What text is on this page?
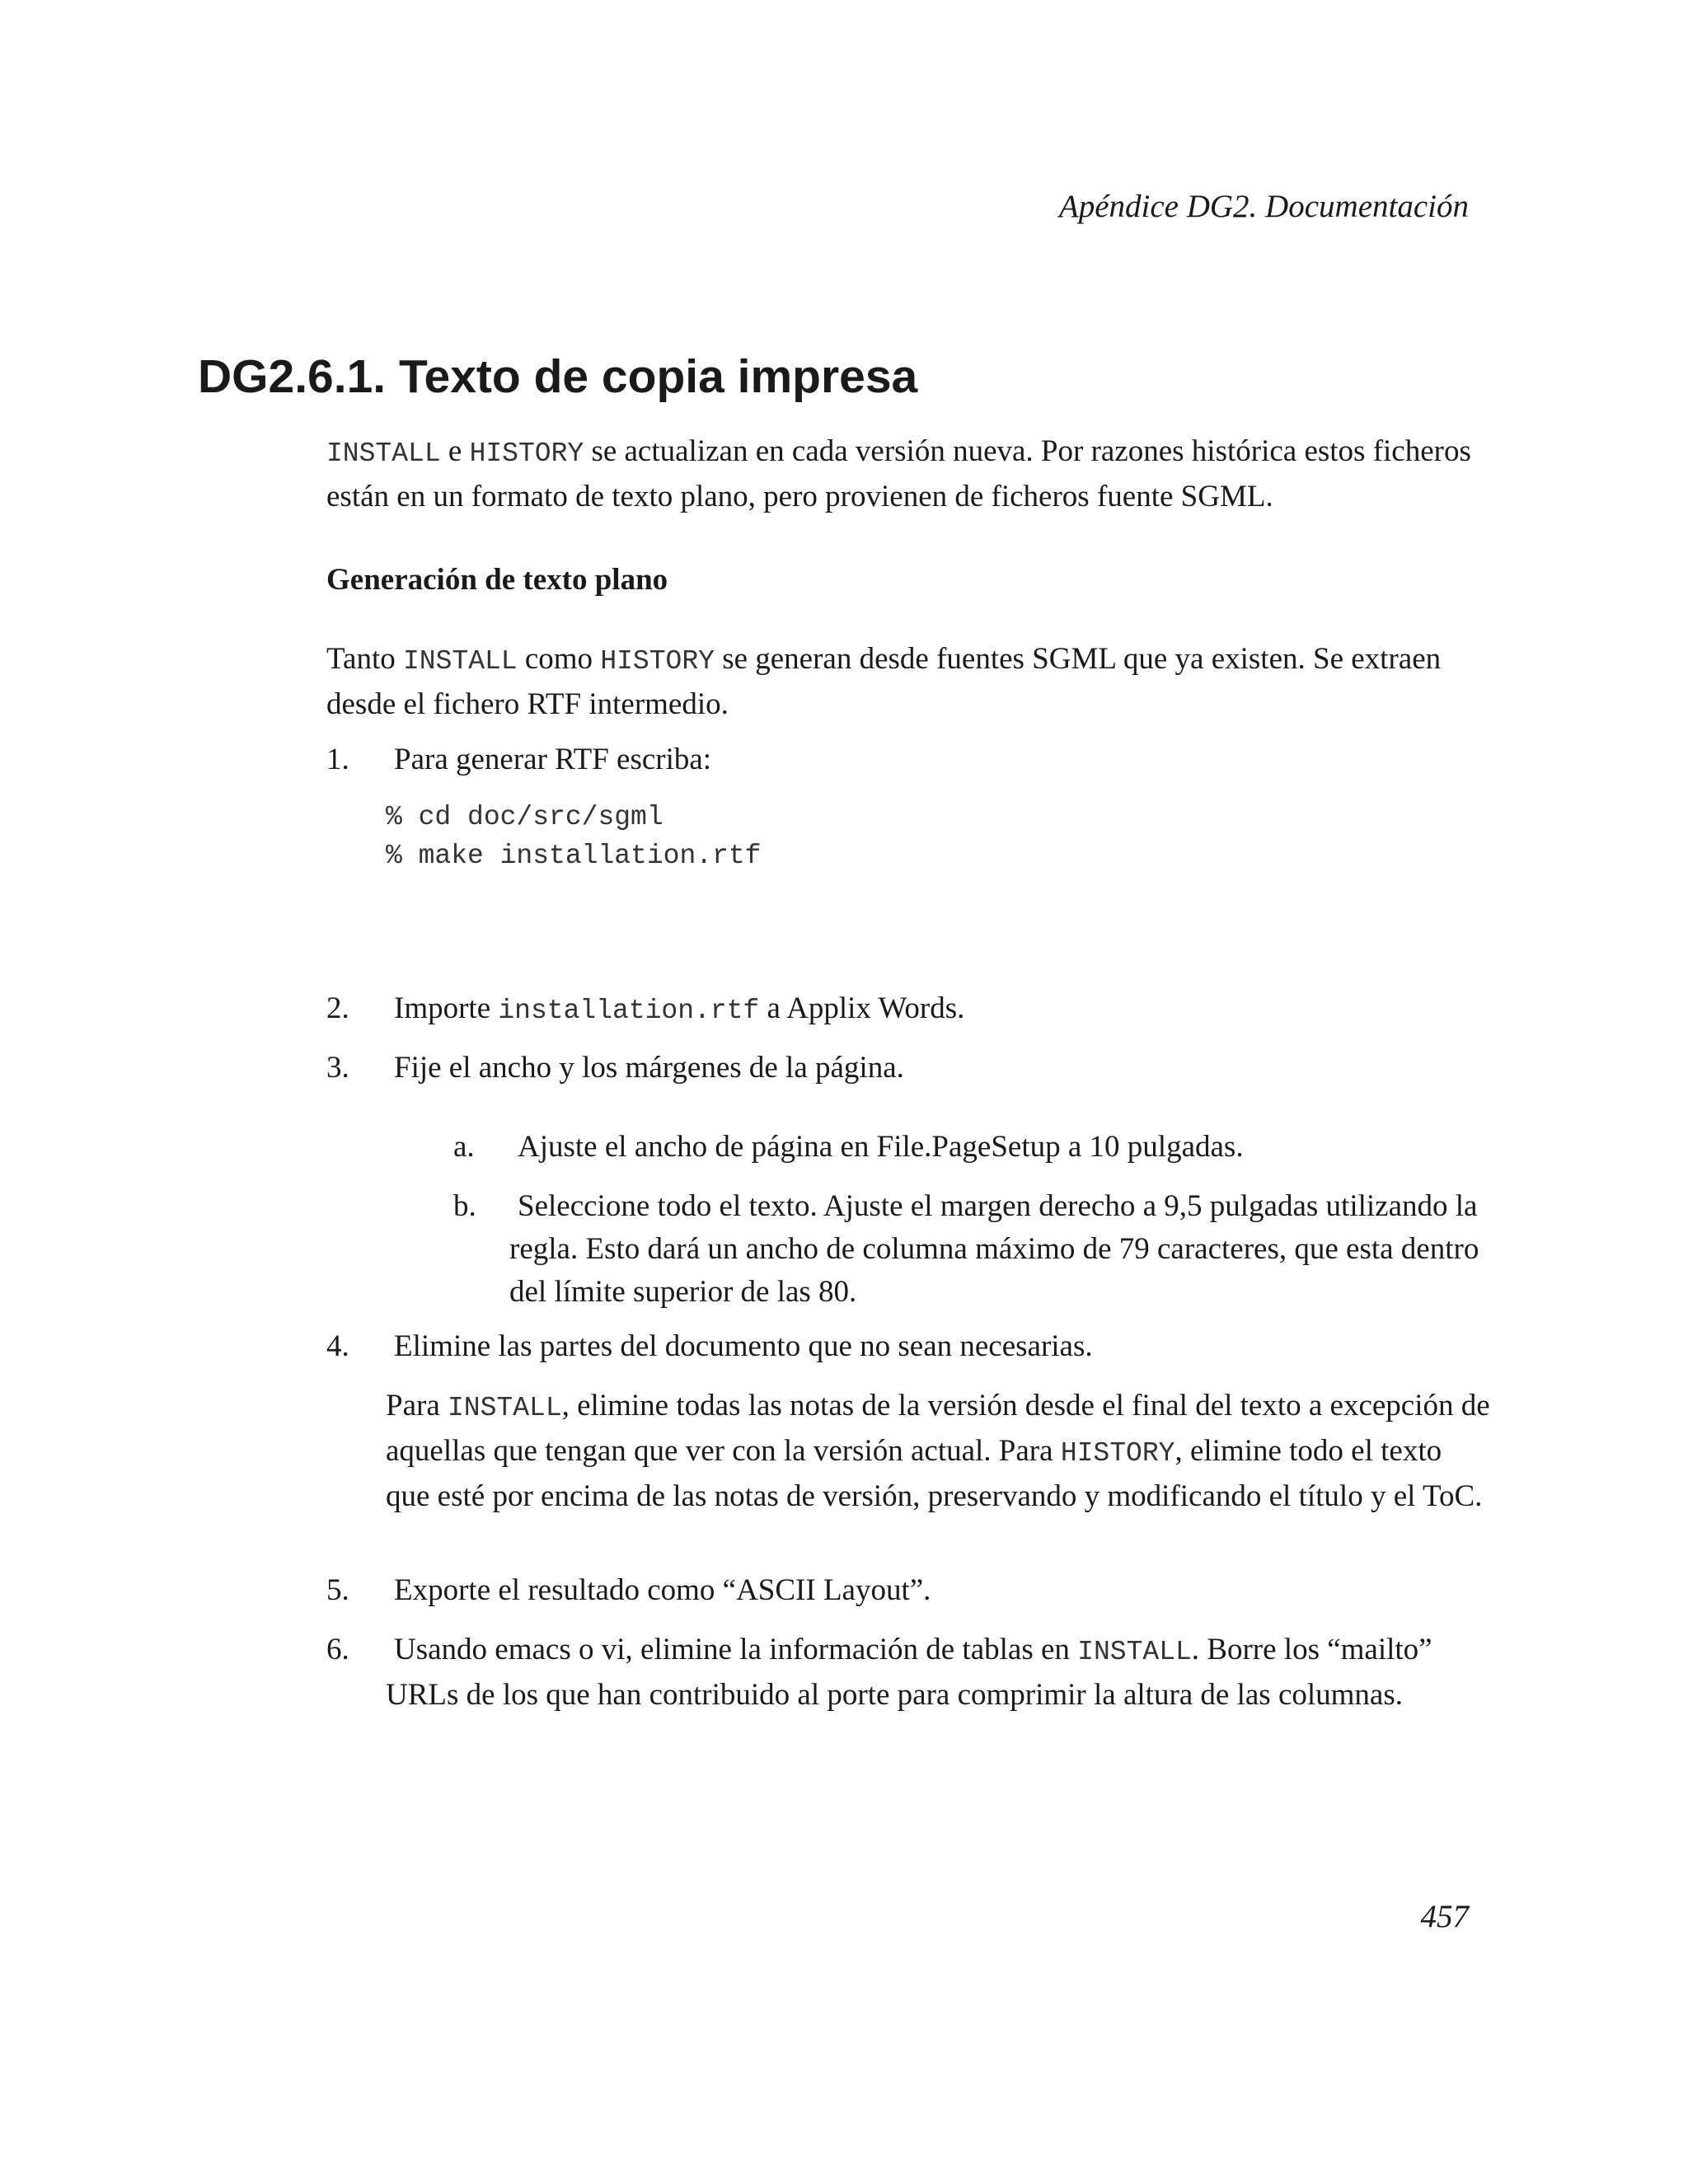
Apéndice DG2. Documentación
DG2.6.1. Texto de copia impresa
INSTALL e HISTORY se actualizan en cada versión nueva. Por razones histórica estos ficheros están en un formato de texto plano, pero provienen de ficheros fuente SGML.
Generación de texto plano
Tanto INSTALL como HISTORY se generan desde fuentes SGML que ya existen. Se extraen desde el fichero RTF intermedio.
1.	Para generar RTF escriba:
% cd doc/src/sgml
% make installation.rtf
2.	Importe installation.rtf a Applix Words.
3.	Fije el ancho y los márgenes de la página.
a.	Ajuste el ancho de página en File.PageSetup a 10 pulgadas.
b.	Seleccione todo el texto. Ajuste el margen derecho a 9,5 pulgadas utilizando la regla. Esto dará un ancho de columna máximo de 79 caracteres, que esta dentro del límite superior de las 80.
4.	Elimine las partes del documento que no sean necesarias.
Para INSTALL, elimine todas las notas de la versión desde el final del texto a excepción de aquellas que tengan que ver con la versión actual. Para HISTORY, elimine todo el texto que esté por encima de las notas de versión, preservando y modificando el título y el ToC.
5.	Exporte el resultado como “ASCII Layout”.
6.	Usando emacs o vi, elimine la información de tablas en INSTALL. Borre los “mailto” URLs de los que han contribuido al porte para comprimir la altura de las columnas.
457
